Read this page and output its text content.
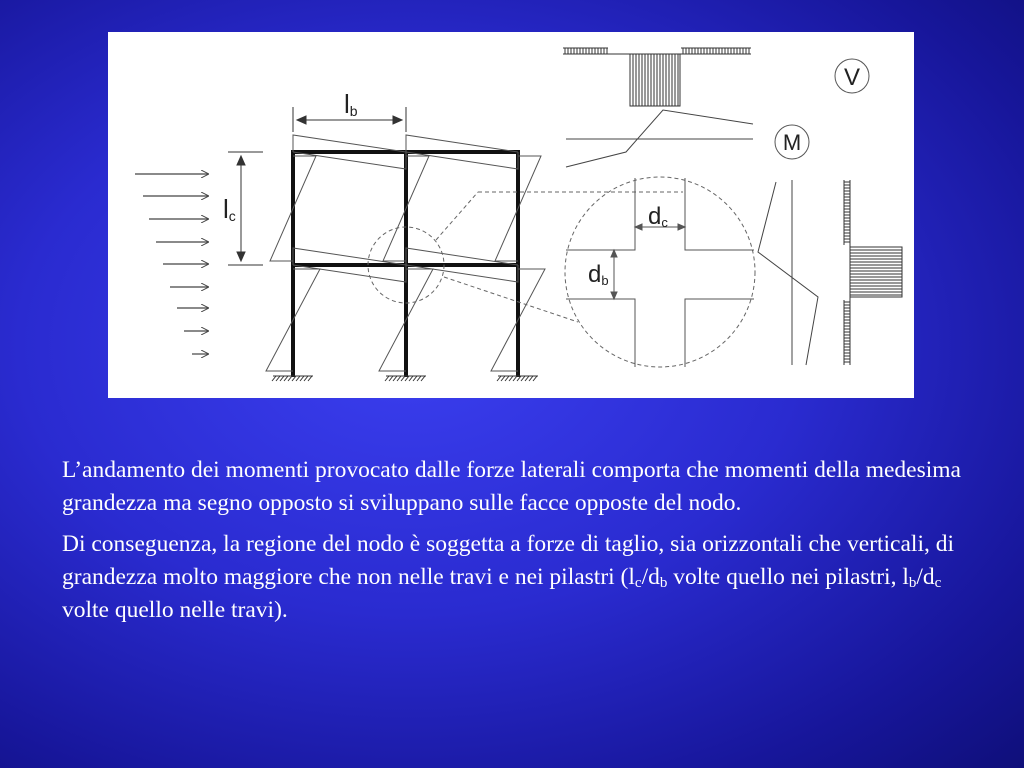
lb
lc	dc
db
V
M

L’andamento dei momenti provocato dalle forze laterali comporta che momenti della medesima grandezza ma segno opposto si sviluppano sulle facce opposte del nodo.

Di conseguenza, la regione del nodo è soggetta a forze di taglio, sia orizzontali che verticali, di grandezza molto maggiore che non nelle travi e nei pilastri ($l_c/d_b$ volte quello nei pilastri, $l_b/d_c$ volte quello nelle travi).
